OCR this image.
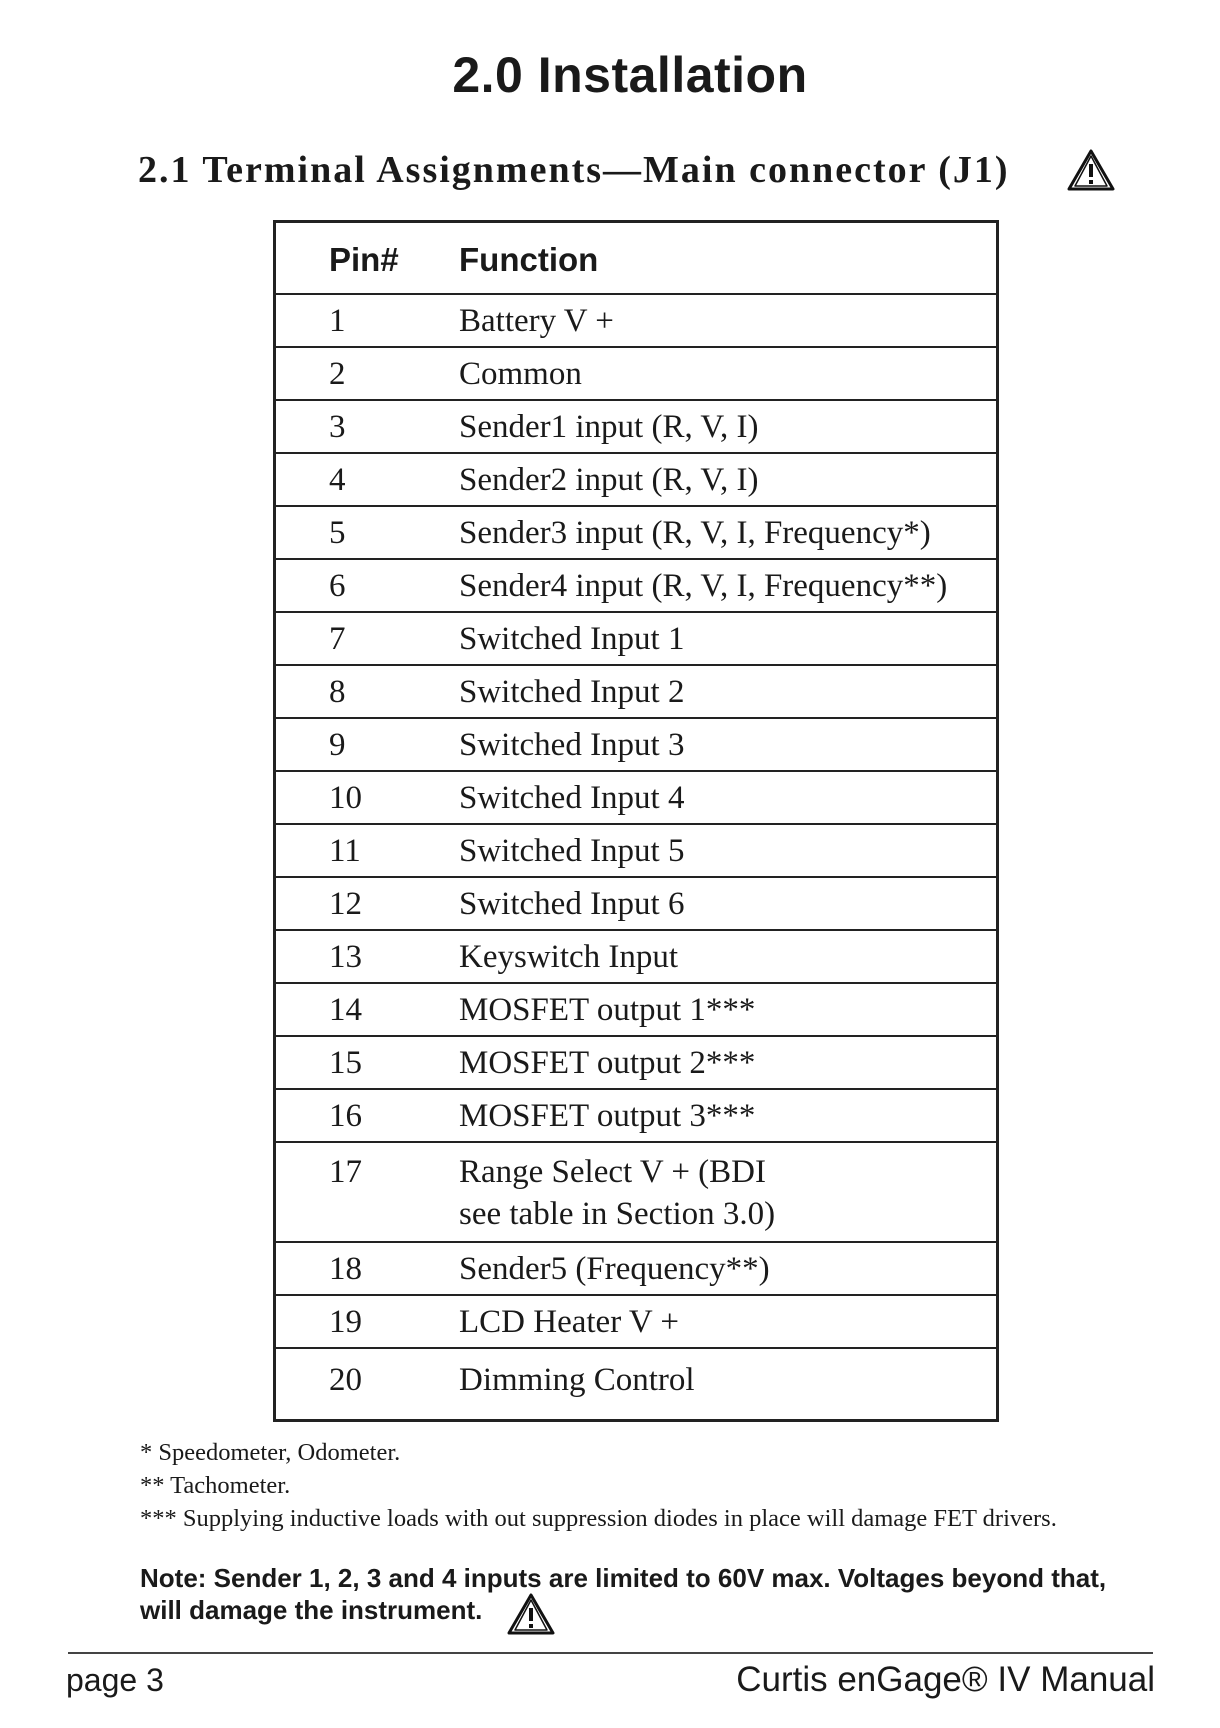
2.0 Installation
2.1 Terminal Assignments—Main connector (J1)
Pin#	Function
1	Battery V +

2	Common

3	Sender1 input (R, V, I)

4	Sender2 input (R, V, I)

5	Sender3 input (R, V, I, Frequency*)

6	Sender4 input (R, V, I, Frequency**)

7	Switched Input 1

8	Switched Input 2

9	Switched Input 3

10	Switched Input 4

11	Switched Input 5

12	Switched Input 6

13	Keyswitch Input

14	MOSFET output 1***

15	MOSFET output 2***

16	MOSFET output 3***

17	Range Select V + (BDI
see table in Section 3.0)

18	Sender5 (Frequency**)

19	LCD Heater V +

20	Dimming Control
* Speedometer, Odometer.
** Tachometer.
*** Supplying inductive loads with out suppression diodes in place will damage FET drivers.

Note: Sender 1, 2, 3 and 4 inputs are limited to 60V max. Voltages beyond that, will damage the instrument.

page 3	Curtis enGage® IV Manual
